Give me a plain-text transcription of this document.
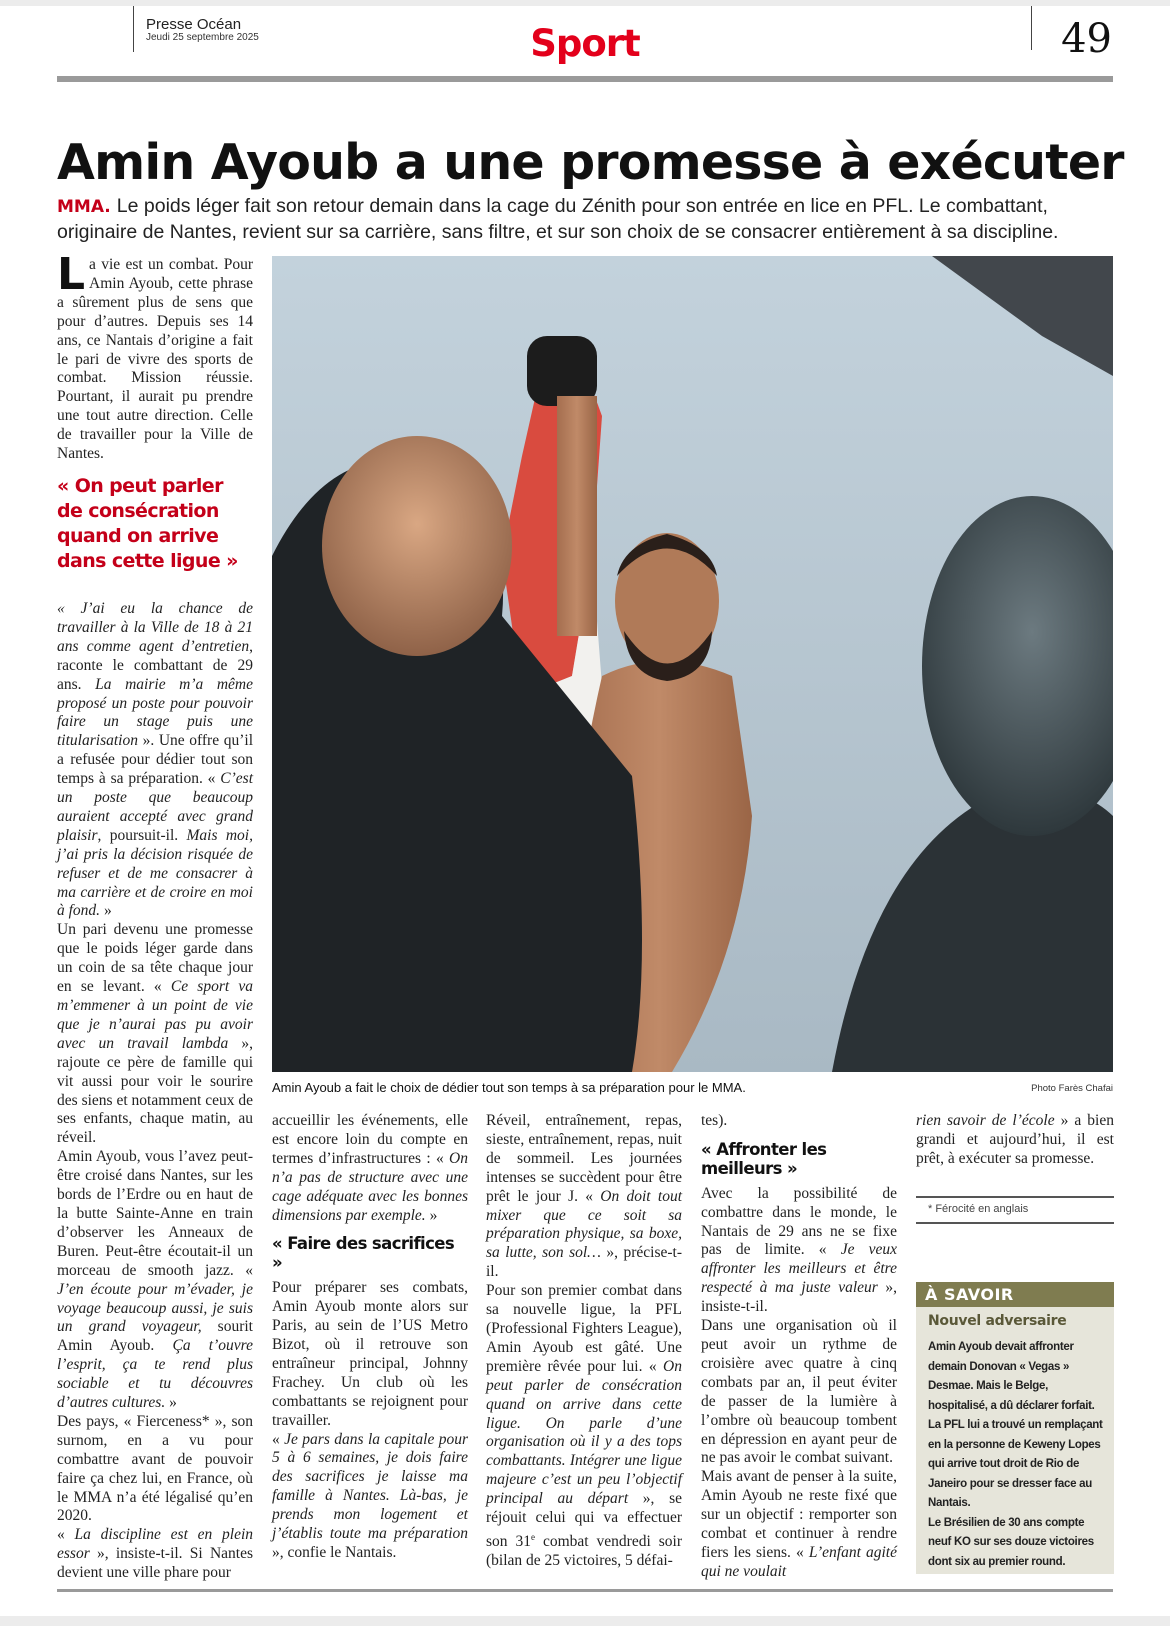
Presse Océan
Jeudi 25 septembre 2025	Sport	49
Amin Ayoub a une promesse à exécuter
MMA. Le poids léger fait son retour demain dans la cage du Zénith pour son entrée en lice en PFL. Le combattant, originaire de Nantes, revient sur sa carrière, sans filtre, et sur son choix de se consacrer entièrement à sa discipline.

La vie est un combat. Pour Amin Ayoub, cette phrase a sûrement plus de sens que pour d’autres. Depuis ses 14 ans, ce Nantais d’origine a fait le pari de vivre des sports de combat. Mission réussie. Pourtant, il aurait pu prendre une tout autre direction. Celle de travailler pour la Ville de Nantes.

« On peut parler de consécration quand on arrive dans cette ligue »

« J’ai eu la chance de travailler à la Ville de 18 à 21 ans comme agent d’entretien, raconte le combattant de 29 ans. La mairie m’a même proposé un poste pour pouvoir faire un stage puis une titularisation ». Une offre qu’il a refusée pour dédier tout son temps à sa préparation. « C’est un poste que beaucoup auraient accepté avec grand plaisir, poursuit-il. Mais moi, j’ai pris la décision risquée de refuser et de me consacrer à ma carrière et de croire en moi à fond. »

Un pari devenu une promesse que le poids léger garde dans un coin de sa tête chaque jour en se levant. « Ce sport va m’emmener à un point de vie que je n’aurai pas pu avoir avec un travail lambda », rajoute ce père de famille qui vit aussi pour voir le sourire des siens et notamment ceux de ses enfants, chaque matin, au réveil.

Amin Ayoub, vous l’avez peut-être croisé dans Nantes, sur les bords de l’Erdre ou en haut de la butte Sainte-Anne en train d’observer les Anneaux de Buren. Peut-être écoutait-il un morceau de smooth jazz. « J’en écoute pour m’évader, je voyage beaucoup aussi, je suis un grand voyageur, sourit Amin Ayoub. Ça t’ouvre l’esprit, ça te rend plus sociable et tu découvres d’autres cultures. »

Des pays, « Fierceness* », son surnom, en a vu pour combattre avant de pouvoir faire ça chez lui, en France, où le MMA n’a été légalisé qu’en 2020.

« La discipline est en plein essor », insiste-t-il. Si Nantes devient une ville phare pour

Amin Ayoub a fait le choix de dédier tout son temps à sa préparation pour le MMA.	Photo Farès Chafai

accueillir les événements, elle est encore loin du compte en termes d’infrastructures : « On n’a pas de structure avec une cage adéquate avec les bonnes dimensions par exemple. »

« Faire des sacrifices »

Pour préparer ses combats, Amin Ayoub monte alors sur Paris, au sein de l’US Metro Bizot, où il retrouve son entraîneur principal, Johnny Frachey. Un club où les combattants se rejoignent pour travailler.

« Je pars dans la capitale pour 5 à 6 semaines, je dois faire des sacrifices je laisse ma famille à Nantes. Là-bas, je prends mon logement et j’établis toute ma préparation », confie le Nantais.

Réveil, entraînement, repas, sieste, entraînement, repas, nuit de sommeil. Les journées intenses se succèdent pour être prêt le jour J. « On doit tout mixer que ce soit sa préparation physique, sa boxe, sa lutte, son sol… », précise-t-il.

Pour son premier combat dans sa nouvelle ligue, la PFL (Professional Fighters League), Amin Ayoub est gâté. Une première rêvée pour lui. « On peut parler de consécration quand on arrive dans cette ligue. On parle d’une organisation où il y a des tops combattants. Intégrer une ligue majeure c’est un peu l’objectif principal au départ », se réjouit celui qui va effectuer son 31e combat vendredi soir (bilan de 25 victoires, 5 défai-

tes).

« Affronter les meilleurs »

Avec la possibilité de combattre dans le monde, le Nantais de 29 ans ne se fixe pas de limite. « Je veux affronter les meilleurs et être respecté à ma juste valeur », insiste-t-il.

Dans une organisation où il peut avoir un rythme de croisière avec quatre à cinq combats par an, il peut éviter de passer de la lumière à l’ombre où beaucoup tombent en dépression en ayant peur de ne pas avoir le combat suivant.

Mais avant de penser à la suite, Amin Ayoub ne reste fixé que sur un objectif : remporter son combat et continuer à rendre fiers les siens. « L’enfant agité qui ne voulait

rien savoir de l’école » a bien grandi et aujourd’hui, il est prêt, à exécuter sa promesse.

* Férocité en anglais
À SAVOIR
Nouvel adversaire

Amin Ayoub devait affronter demain Donovan « Vegas » Desmae. Mais le Belge, hospitalisé, a dû déclarer forfait.

La PFL lui a trouvé un remplaçant en la personne de Keweny Lopes qui arrive tout droit de Rio de Janeiro pour se dresser face au Nantais.

Le Brésilien de 30 ans compte neuf KO sur ses douze victoires dont six au premier round.
